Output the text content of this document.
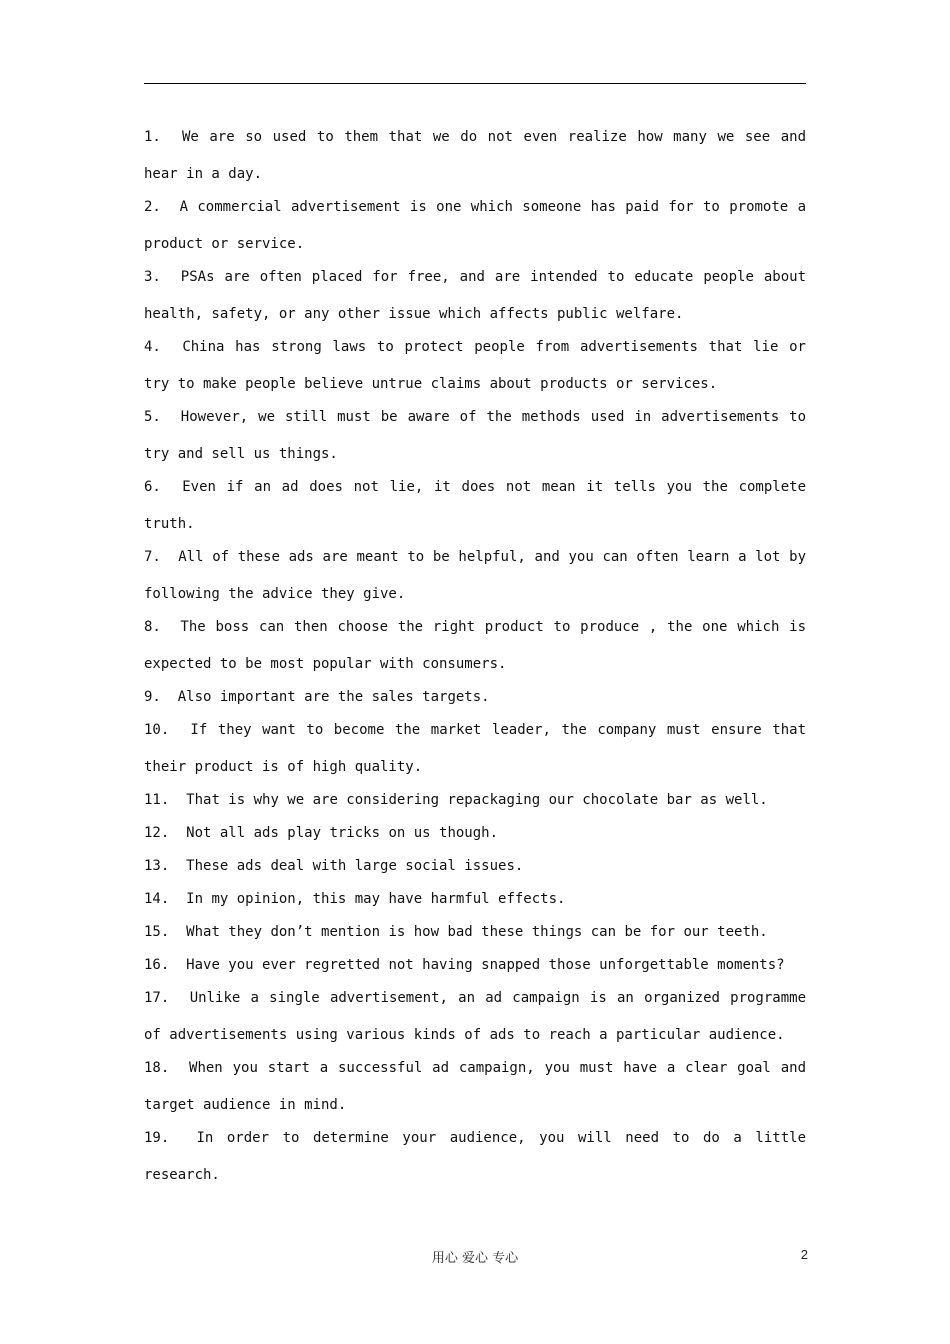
1. We are so used to them that we do not even realize how many we see and hear in a day.
2. A commercial advertisement is one which someone has paid for to promote a product or service.
3. PSAs are often placed for free, and are intended to educate people about health, safety, or any other issue which affects public welfare.
4. China has strong laws to protect people from advertisements that lie or try to make people believe untrue claims about products or services.
5. However, we still must be aware of the methods used in advertisements to try and sell us things.
6. Even if an ad does not lie, it does not mean it tells you the complete truth.
7. All of these ads are meant to be helpful, and you can often learn a lot by following the advice they give.
8. The boss can then choose the right product to produce , the one which is expected to be most popular with consumers.
9. Also important are the sales targets.
10. If they want to become the market leader, the company must ensure that their product is of high quality.
11. That is why we are considering repackaging our chocolate bar as well.
12. Not all ads play tricks on us though.
13. These ads deal with large social issues.
14. In my opinion, this may have harmful effects.
15. What they don’t mention is how bad these things can be for our teeth.
16. Have you ever regretted not having snapped those unforgettable moments?
17. Unlike a single advertisement, an ad campaign is an organized programme of advertisements using various kinds of ads to reach a particular audience.
18. When you start a successful ad campaign, you must have a clear goal and target audience in mind.
19. In order to determine your audience, you will need to do a little research.
用心 爱心 专心	2
